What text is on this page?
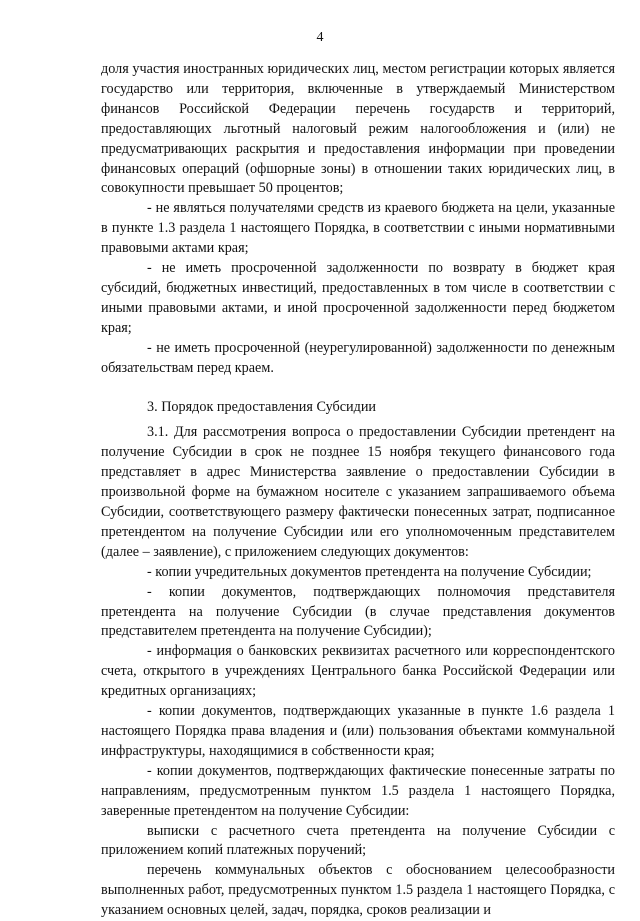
4

доля участия иностранных юридических лиц, местом регистрации которых является государство или территория, включенные в утверждаемый Министерством финансов Российской Федерации перечень государств и территорий, предоставляющих льготный налоговый режим налогообложения и (или) не предусматривающих раскрытия и предоставления информации при проведении финансовых операций (офшорные зоны) в отношении таких юридических лиц, в совокупности превышает 50 процентов;

- не являться получателями средств из краевого бюджета на цели, указанные в пункте 1.3 раздела 1 настоящего Порядка, в соответствии с иными нормативными правовыми актами края;

- не иметь просроченной задолженности по возврату в бюджет края субсидий, бюджетных инвестиций, предоставленных в том числе в соответствии с иными правовыми актами, и иной просроченной задолженности перед бюджетом края;

- не иметь просроченной (неурегулированной) задолженности по денежным обязательствам перед краем.

3. Порядок предоставления Субсидии

3.1. Для рассмотрения вопроса о предоставлении Субсидии претендент на получение Субсидии в срок не позднее 15 ноября текущего финансового года представляет в адрес Министерства заявление о предоставлении Субсидии в произвольной форме на бумажном носителе с указанием запрашиваемого объема Субсидии, соответствующего размеру фактически понесенных затрат, подписанное претендентом на получение Субсидии или его уполномоченным представителем (далее – заявление), с приложением следующих документов:

- копии учредительных документов претендента на получение Субсидии;

- копии документов, подтверждающих полномочия представителя претендента на получение Субсидии (в случае представления документов представителем претендента на получение Субсидии);

- информация о банковских реквизитах расчетного или корреспондентского счета, открытого в учреждениях Центрального банка Российской Федерации или кредитных организациях;

- копии документов, подтверждающих указанные в пункте 1.6 раздела 1 настоящего Порядка права владения и (или) пользования объектами коммунальной инфраструктуры, находящимися в собственности края;

- копии документов, подтверждающих фактические понесенные затраты по направлениям, предусмотренным пунктом 1.5 раздела 1 настоящего Порядка, заверенные претендентом на получение Субсидии:

выписки с расчетного счета претендента на получение Субсидии с приложением копий платежных поручений;

перечень коммунальных объектов с обоснованием целесообразности выполненных работ, предусмотренных пунктом 1.5 раздела 1 настоящего Порядка, с указанием основных целей, задач, порядка, сроков реализации и
